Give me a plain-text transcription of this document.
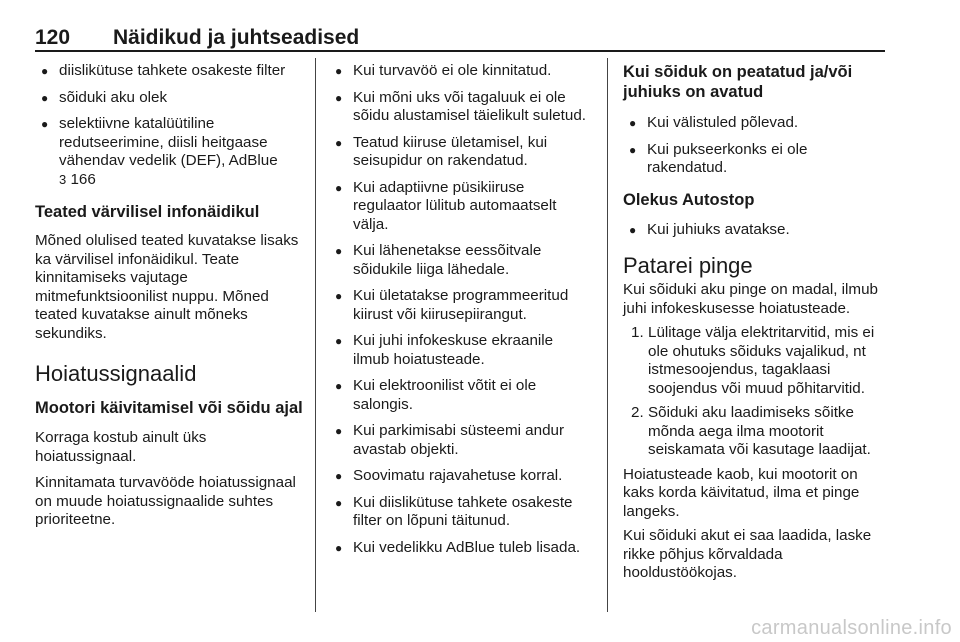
120 Näidikud ja juhtseadised
● diislikütuse tahkete osakeste filter
● sõiduki aku olek
● selektiivne katalüütiline redutseerimine, diisli heitgaase vähendav vedelik (DEF), AdBlue
3 166
Teated värvilisel infonäidikul

Mõned olulised teated kuvatakse lisaks ka värvilisel infonäidikul. Teate kinnitamiseks vajutage mitmefunktsioonilist nuppu. Mõned teated kuvatakse ainult mõneks sekundiks.

Hoiatussignaalid
Mootori käivitamisel või sõidu ajal

Korraga kostub ainult üks hoiatussignaal.

Kinnitamata turvavööde hoiatussignaal on muude hoiatussignaalide suhtes prioriteetne.

● Kui turvavöö ei ole kinnitatud.
● Kui mõni uks või tagaluuk ei ole sõidu alustamisel täielikult suletud.
● Teatud kiiruse ületamisel, kui seisupidur on rakendatud.
● Kui adaptiivne püsikiiruse regulaator lülitub automaatselt välja.
● Kui lähenetakse eessõitvale sõidukile liiga lähedale.
● Kui ületatakse programmeeritud kiirust või kiirusepiirangut.
● Kui juhi infokeskuse ekraanile ilmub hoiatusteade.
● Kui elektroonilist võtit ei ole salongis.
● Kui parkimisabi süsteemi andur avastab objekti.
● Soovimatu rajavahetuse korral.
● Kui diislikütuse tahkete osakeste filter on lõpuni täitunud.
● Kui vedelikku AdBlue tuleb lisada.
Kui sõiduk on peatatud ja/või juhiuks on avatud
● Kui välistuled põlevad.
● Kui pukseerkonks ei ole rakendatud.
Olekus Autostop
● Kui juhiuks avatakse.
Patarei pinge

Kui sõiduki aku pinge on madal, ilmub juhi infokeskusesse hoiatusteade.

1. Lülitage välja elektritarvitid, mis ei ole ohutuks sõiduks vajalikud, nt istmesoojendus, tagaklaasi soojendus või muud põhitarvitid.
2. Sõiduki aku laadimiseks sõitke mõnda aega ilma mootorit seiskamata või kasutage laadijat.

Hoiatusteade kaob, kui mootorit on kaks korda käivitatud, ilma et pinge langeks.

Kui sõiduki akut ei saa laadida, laske rikke põhjus kõrvaldada hooldustöökojas.

carmanualsonline.info
